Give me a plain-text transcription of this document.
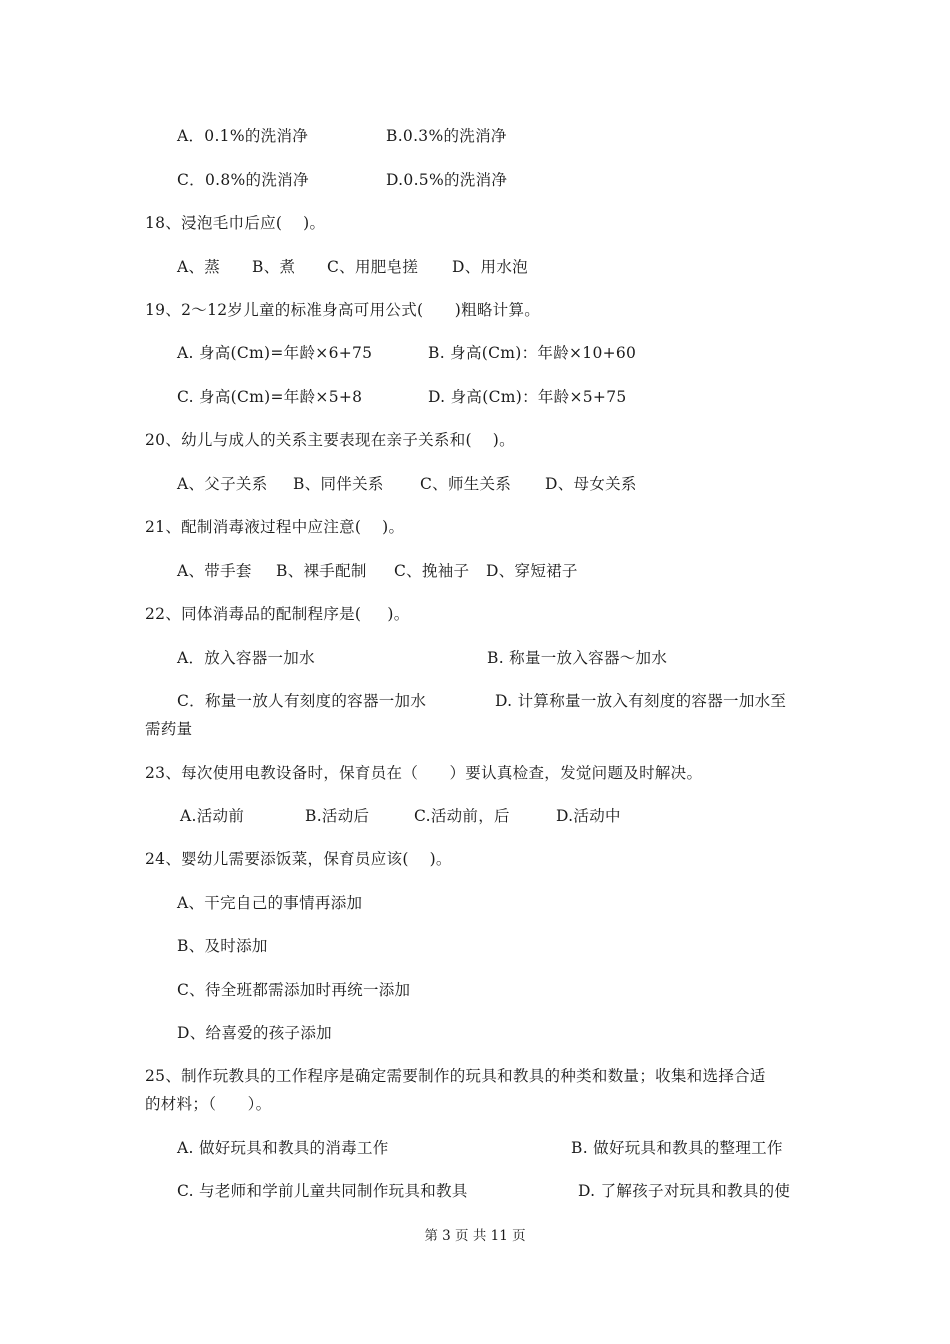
A．0.1%的洗消净	B.0.3%的洗消净
C．0.8%的洗消净	D.0.5%的洗消净
18、浸泡毛巾后应(    )。
A、蒸 B、煮 C、用肥皂搓 D、用水泡
19、2～12岁儿童的标准身高可用公式(      )粗略计算。
A. 身高(Cm)=年龄×6+75	B. 身高(Cm)：年龄×10+60
C. 身高(Cm)=年龄×5+8	D. 身高(Cm)：年龄×5+75
20、幼儿与成人的关系主要表现在亲子关系和(    )。
A、父子关系 B、同伴关系 C、师生关系 D、母女关系
21、配制消毒液过程中应注意(    )。
A、带手套 B、裸手配制 C、挽袖子 D、穿短裙子
22、同体消毒品的配制程序是(     )。
A．放入容器一加水	B. 称量一放入容器～加水
C．称量一放人有刻度的容器一加水	D. 计算称量一放入有刻度的容器一加水至
需药量
23、每次使用电教设备时，保育员在（      ）要认真检查，发觉问题及时解决。
A.活动前	B.活动后	C.活动前，后	D.活动中
24、婴幼儿需要添饭菜，保育员应该(    )。
A、干完自己的事情再添加
B、及时添加
C、待全班都需添加时再统一添加
D、给喜爱的孩子添加
25、制作玩教具的工作程序是确定需要制作的玩具和教具的种类和数量；收集和选择合适
的材料；（      ）。
A. 做好玩具和教具的消毒工作	B. 做好玩具和教具的整理工作
C. 与老师和学前儿童共同制作玩具和教具	D. 了解孩子对玩具和教具的使
第 3 页 共 11 页
